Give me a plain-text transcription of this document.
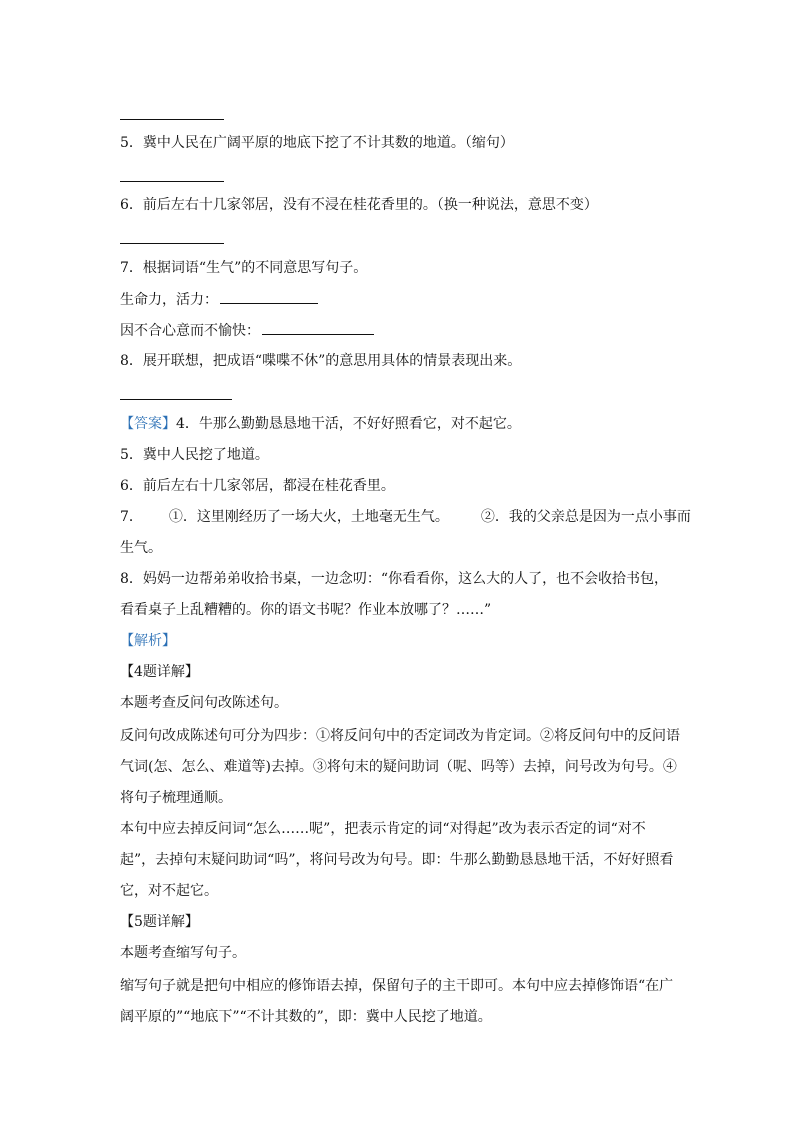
5．冀中人民在广阔平原的地底下挖了不计其数的地道。（缩句）
6．前后左右十几家邻居，没有不浸在桂花香里的。（换一种说法，意思不变）
7．根据词语“生气”的不同意思写句子。
生命力，活力：
因不合心意而不愉快：
8．展开联想，把成语“喋喋不休”的意思用具体的情景表现出来。
【答案】4．牛那么勤勤恳恳地干活，不好好照看它，对不起它。
5．冀中人民挖了地道。
6．前后左右十几家邻居，都浸在桂花香里。
7． ①．这里刚经历了一场大火，土地毫无生气。 ②．我的父亲总是因为一点小事而
生气。
8．妈妈一边帮弟弟收拾书桌，一边念叨：“你看看你，这么大的人了，也不会收拾书包，
看看桌子上乱糟糟的。你的语文书呢？作业本放哪了？……”
【解析】
【4题详解】
本题考查反问句改陈述句。
反问句改成陈述句可分为四步：①将反问句中的否定词改为肯定词。②将反问句中的反问语
气词(怎、怎么、难道等)去掉。③将句末的疑问助词（呢、吗等）去掉，问号改为句号。④
将句子梳理通顺。
本句中应去掉反问词“怎么……呢”，把表示肯定的词“对得起”改为表示否定的词“对不
起”，去掉句末疑问助词“吗”，将问号改为句号。即：牛那么勤勤恳恳地干活，不好好照看
它，对不起它。
【5题详解】
本题考查缩写句子。
缩写句子就是把句中相应的修饰语去掉，保留句子的主干即可。本句中应去掉修饰语“在广
阔平原的”“地底下”“不计其数的”，即：冀中人民挖了地道。
